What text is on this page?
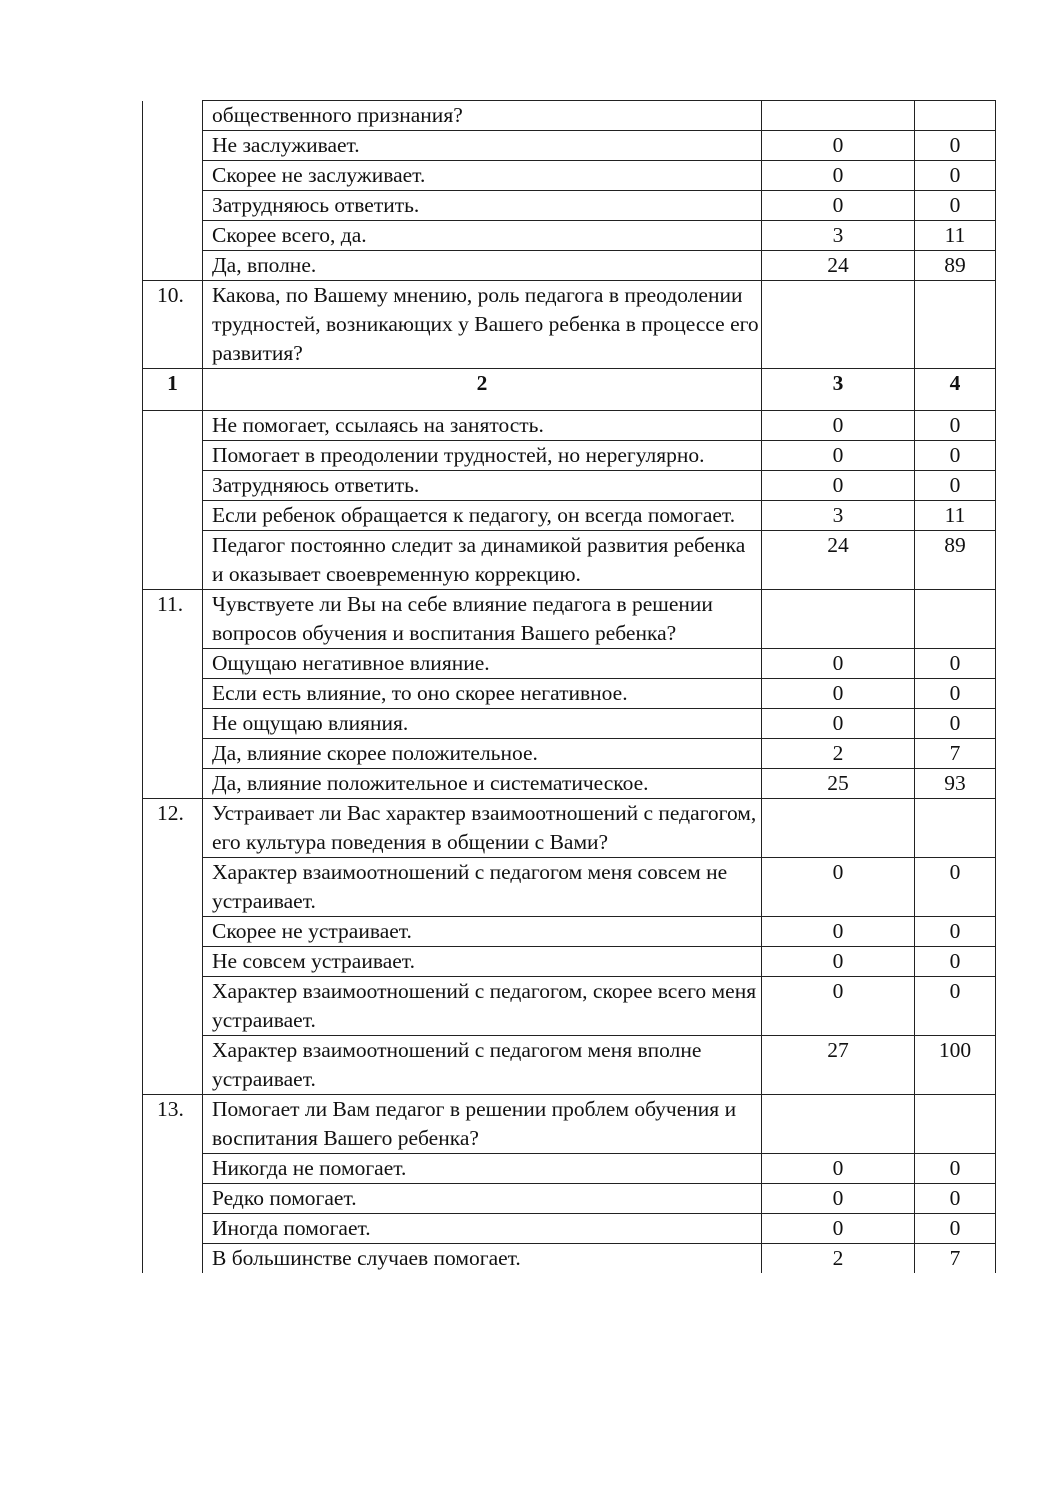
	общественного признания?		
	Не заслуживает.	0	0
	Скорее не заслуживает.	0	0
	Затрудняюсь ответить.	0	0
	Скорее всего, да.	3	11
	Да, вполне.	24	89
10.	Какова, по Вашему мнению, роль педагога в преодолении трудностей, возникающих у Вашего ребенка в процессе его развития?		
1	2	3	4
	Не помогает, ссылаясь на занятость.	0	0
	Помогает в преодолении трудностей, но нерегулярно.	0	0
	Затрудняюсь ответить.	0	0
	Если ребенок обращается к педагогу, он всегда помогает.	3	11
	Педагог постоянно следит за динамикой развития ребенка и оказывает своевременную коррекцию.	24	89
11.	Чувствуете ли Вы на себе влияние педагога в решении вопросов обучения и воспитания Вашего ребенка?		
	Ощущаю негативное влияние.	0	0
	Если есть влияние, то оно скорее негативное.	0	0
	Не ощущаю влияния.	0	0
	Да, влияние скорее положительное.	2	7
	Да, влияние положительное и систематическое.	25	93
12.	Устраивает ли Вас характер взаимоотношений с педагогом, его культура поведения в общении с Вами?		
	Характер взаимоотношений с педагогом меня совсем не устраивает.	0	0
	Скорее не устраивает.	0	0
	Не совсем устраивает.	0	0
	Характер взаимоотношений с педагогом, скорее всего меня устраивает.	0	0
	Характер взаимоотношений с педагогом меня вполне устраивает.	27	100
13.	Помогает ли Вам педагог в решении проблем обучения и воспитания Вашего ребенка?		
	Никогда не помогает.	0	0
	Редко помогает.	0	0
	Иногда помогает.	0	0
	В большинстве случаев помогает.	2	7
